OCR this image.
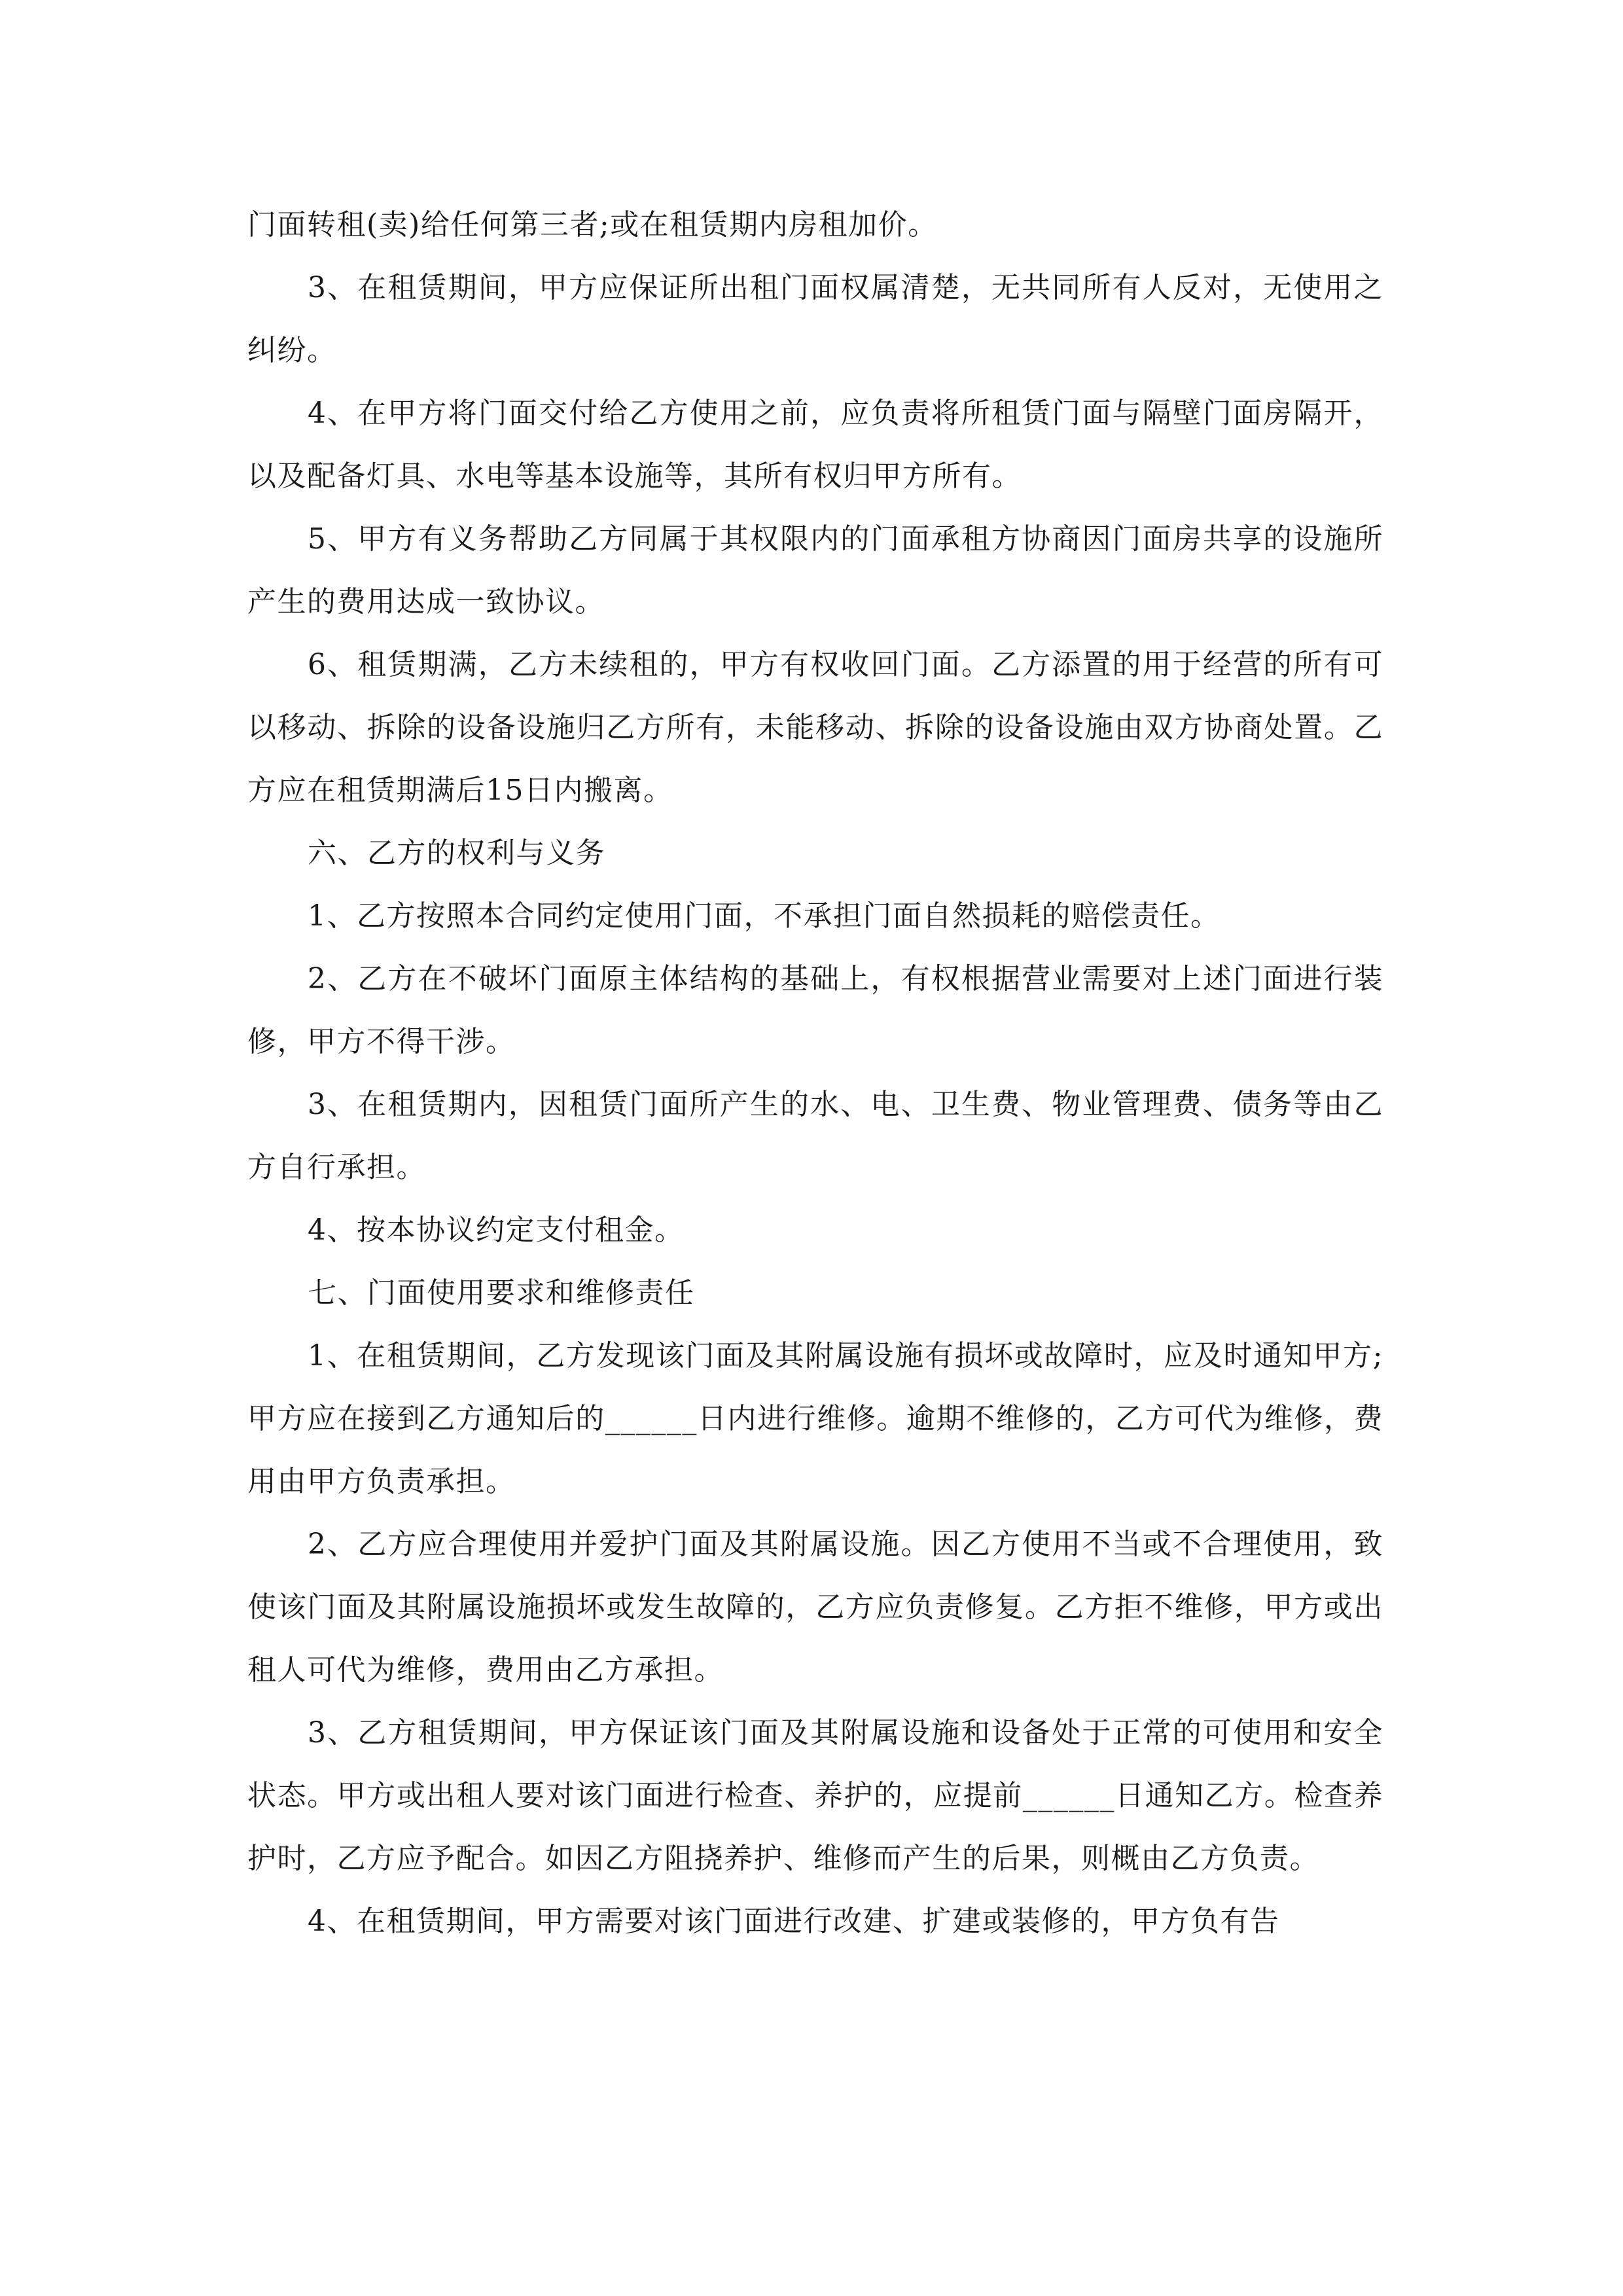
门面转租(卖)给任何第三者;或在租赁期内房租加价。

3、在租赁期间，甲方应保证所出租门面权属清楚，无共同所有人反对，无使用之纠纷。

4、在甲方将门面交付给乙方使用之前，应负责将所租赁门面与隔壁门面房隔开，以及配备灯具、水电等基本设施等，其所有权归甲方所有。

5、甲方有义务帮助乙方同属于其权限内的门面承租方协商因门面房共享的设施所产生的费用达成一致协议。

6、租赁期满，乙方未续租的，甲方有权收回门面。乙方添置的用于经营的所有可以移动、拆除的设备设施归乙方所有，未能移动、拆除的设备设施由双方协商处置。乙方应在租赁期满后15日内搬离。

六、乙方的权利与义务

1、乙方按照本合同约定使用门面，不承担门面自然损耗的赔偿责任。

2、乙方在不破坏门面原主体结构的基础上，有权根据营业需要对上述门面进行装修，甲方不得干涉。

3、在租赁期内，因租赁门面所产生的水、电、卫生费、物业管理费、债务等由乙方自行承担。

4、按本协议约定支付租金。

七、门面使用要求和维修责任

1、在租赁期间，乙方发现该门面及其附属设施有损坏或故障时，应及时通知甲方;甲方应在接到乙方通知后的______日内进行维修。逾期不维修的，乙方可代为维修，费用由甲方负责承担。

2、乙方应合理使用并爱护门面及其附属设施。因乙方使用不当或不合理使用，致使该门面及其附属设施损坏或发生故障的，乙方应负责修复。乙方拒不维修，甲方或出租人可代为维修，费用由乙方承担。

3、乙方租赁期间，甲方保证该门面及其附属设施和设备处于正常的可使用和安全状态。甲方或出租人要对该门面进行检查、养护的，应提前______日通知乙方。检查养护时，乙方应予配合。如因乙方阻挠养护、维修而产生的后果，则概由乙方负责。

4、在租赁期间，甲方需要对该门面进行改建、扩建或装修的，甲方负有告
